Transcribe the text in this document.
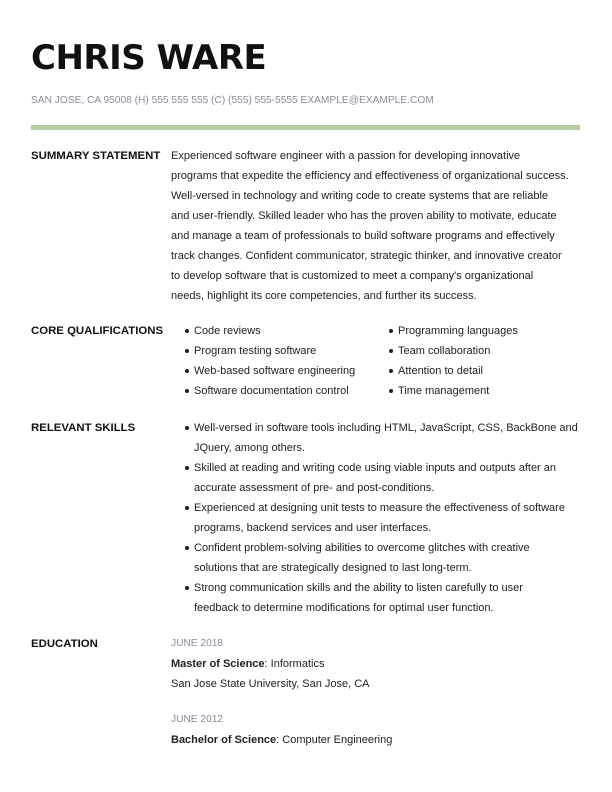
CHRIS WARE
SAN JOSE, CA 95008 (H) 555 555 555 (C) (555) 555-5555 EXAMPLE@EXAMPLE.COM
SUMMARY STATEMENT Experienced software engineer with a passion for developing innovative

programs that expedite the efficiency and effectiveness of organizational success.

Well-versed in technology and writing code to create systems that are reliable

and user-friendly. Skilled leader who has the proven ability to motivate, educate

and manage a team of professionals to build software programs and effectively

track changes. Confident communicator, strategic thinker, and innovative creator

to develop software that is customized to meet a company's organizational

needs, highlight its core competencies, and further its success.

CORE QUALIFICATIONS	Code reviews
Program testing software
Web-based software engineering
Software documentation control
Programming languages
Team collaboration
Attention to detail
Time management
RELEVANT SKILLS	Well-versed in software tools including HTML, JavaScript, CSS, BackBone and
JQuery, among others.
Skilled at reading and writing code using viable inputs and outputs after an
accurate assessment of pre- and post-conditions.
Experienced at designing unit tests to measure the effectiveness of software
programs, backend services and user interfaces.
Confident problem-solving abilities to overcome glitches with creative
solutions that are strategically designed to last long-term.
Strong communication skills and the ability to listen carefully to user
feedback to determine modifications for optimal user function.
EDUCATION	JUNE 2018
Master of Science: Informatics
San Jose State University, San Jose, CA
JUNE 2012
Bachelor of Science: Computer Engineering
